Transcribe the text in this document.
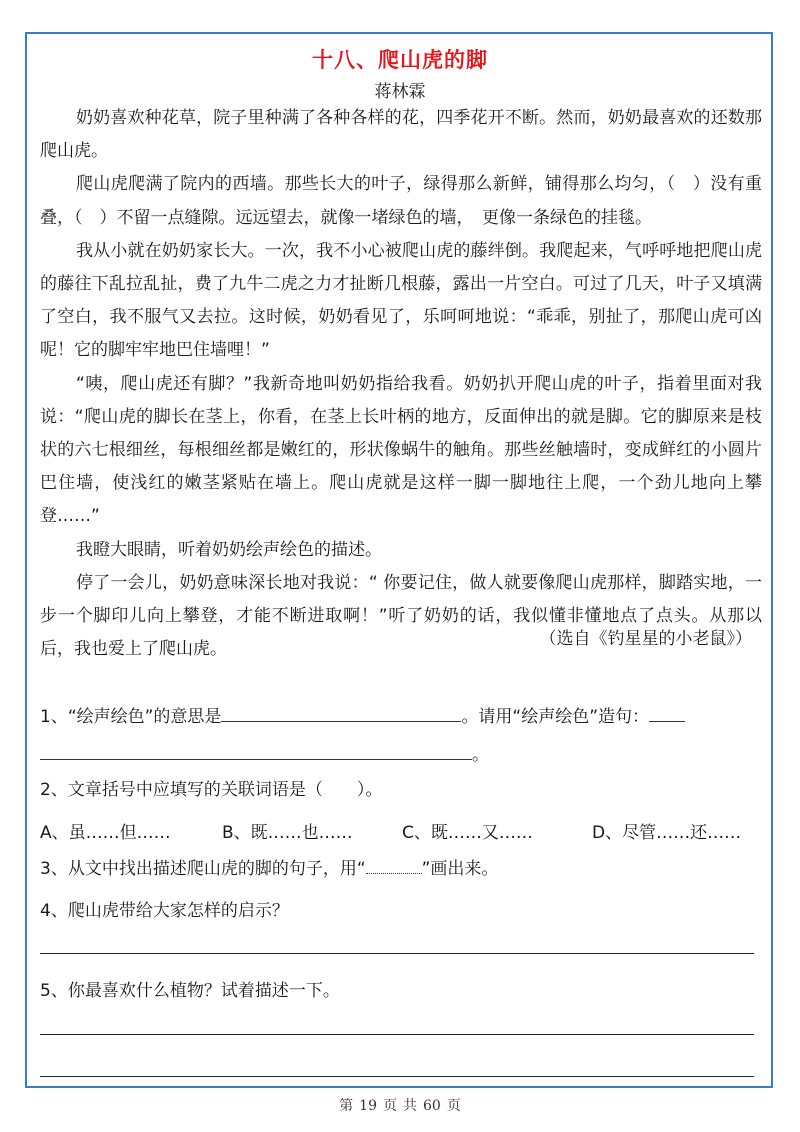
十八、爬山虎的脚
蒋林霖

奶奶喜欢种花草，院子里种满了各种各样的花，四季花开不断。然而，奶奶最喜欢的还数那爬山虎。

爬山虎爬满了院内的西墙。那些长大的叶子，绿得那么新鲜，铺得那么均匀，（　）没有重叠，（　）不留一点缝隙。远远望去，就像一堵绿色的墙，　更像一条绿色的挂毯。

我从小就在奶奶家长大。一次，我不小心被爬山虎的藤绊倒。我爬起来，气呼呼地把爬山虎的藤往下乱拉乱扯，费了九牛二虎之力才扯断几根藤，露出一片空白。可过了几天，叶子又填满了空白，我不服气又去拉。这时候，奶奶看见了，乐呵呵地说：“乖乖，别扯了，那爬山虎可凶呢！它的脚牢牢地巴住墙哩！”

“咦，爬山虎还有脚？”我新奇地叫奶奶指给我看。奶奶扒开爬山虎的叶子，指着里面对我说：“爬山虎的脚长在茎上，你看，在茎上长叶柄的地方，反面伸出的就是脚。它的脚原来是枝状的六七根细丝，每根细丝都是嫩红的，形状像蜗牛的触角。那些丝触墙时，变成鲜红的小圆片巴住墙，使浅红的嫩茎紧贴在墙上。爬山虎就是这样一脚一脚地往上爬，一个劲儿地向上攀登……”

我瞪大眼睛，听着奶奶绘声绘色的描述。

停了一会儿，奶奶意味深长地对我说：“ 你要记住，做人就要像爬山虎那样，脚踏实地，一步一个脚印儿向上攀登，才能不断进取啊！”听了奶奶的话，我似懂非懂地点了点头。从那以后，我也爱上了爬山虎。

（选自《钓星星的小老鼠》）
1、“绘声绘色”的意思是	。请用“绘声绘色”造句：
。
2、文章括号中应填写的关联词语是（　　）。
A、虽……但……	B、既……也……	C、既……又……	D、尽管……还……
3、从文中找出描述爬山虎的脚的句子，用“	”画出来。
4、爬山虎带给大家怎样的启示？
5、你最喜欢什么植物？试着描述一下。
第 19 页 共 60 页
